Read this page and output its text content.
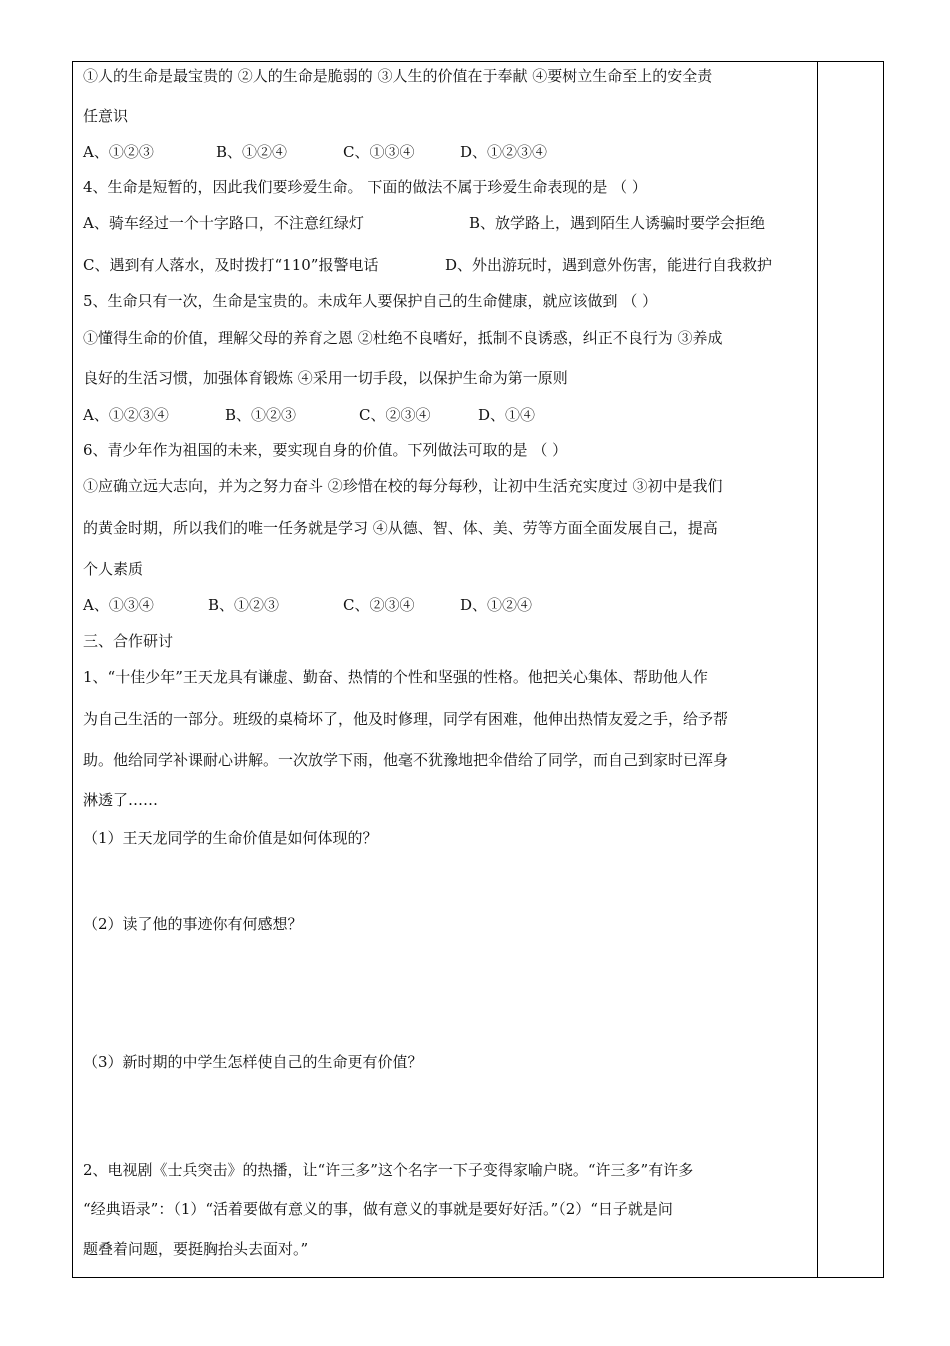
①人的生命是最宝贵的 ②人的生命是脆弱的 ③人生的价值在于奉献 ④要树立生命至上的安全责
任意识
A、①②③	B、①②④	C、①③④	D、①②③④
4、生命是短暂的，因此我们要珍爱生命。 下面的做法不属于珍爱生命表现的是 （ ）
A、骑车经过一个十字路口，不注意红绿灯	B、放学路上，遇到陌生人诱骗时要学会拒绝
C、遇到有人落水，及时拨打“110”报警电话	D、外出游玩时，遇到意外伤害，能进行自我救护
5、生命只有一次，生命是宝贵的。未成年人要保护自己的生命健康，就应该做到 （ ）
①懂得生命的价值，理解父母的养育之恩 ②杜绝不良嗜好，抵制不良诱惑，纠正不良行为 ③养成
良好的生活习惯，加强体育锻炼 ④采用一切手段，以保护生命为第一原则
A、①②③④	B、①②③	C、②③④	D、①④
6、青少年作为祖国的未来，要实现自身的价值。下列做法可取的是 （ ）
①应确立远大志向，并为之努力奋斗 ②珍惜在校的每分每秒，让初中生活充实度过 ③初中是我们
的黄金时期，所以我们的唯一任务就是学习 ④从德、智、体、美、劳等方面全面发展自己，提高
个人素质
A、①③④	B、①②③	C、②③④	D、①②④
三、合作研讨
1、“十佳少年”王天龙具有谦虚、勤奋、热情的个性和坚强的性格。他把关心集体、帮助他人作
为自己生活的一部分。班级的桌椅坏了，他及时修理，同学有困难，他伸出热情友爱之手，给予帮
助。他给同学补课耐心讲解。一次放学下雨，他毫不犹豫地把伞借给了同学，而自己到家时已浑身
淋透了……
（1）王天龙同学的生命价值是如何体现的？
（2）读了他的事迹你有何感想？
（3）新时期的中学生怎样使自己的生命更有价值？
2、电视剧《士兵突击》的热播，让“许三多”这个名字一下子变得家喻户晓。“许三多”有许多
“经典语录”：（1）“活着要做有意义的事，做有意义的事就是要好好活。”（2）“日子就是问
题叠着问题，要挺胸抬头去面对。”
